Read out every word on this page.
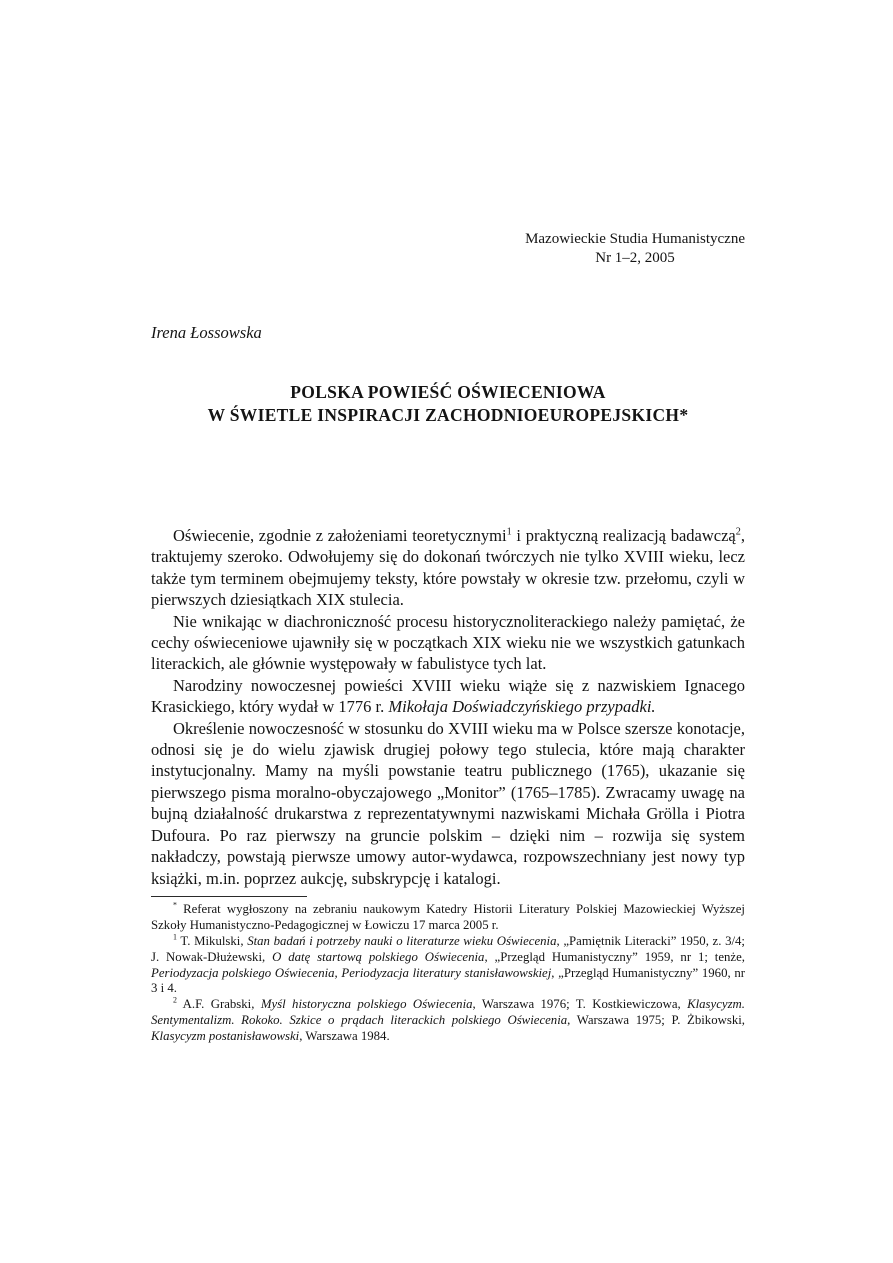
Mazowieckie Studia Humanistyczne
Nr 1–2, 2005
Irena Łossowska
POLSKA POWIEŚĆ OŚWIECENIOWA
W ŚWIETLE INSPIRACJI ZACHODNIOEUROPEJSKICH*

Oświecenie, zgodnie z założeniami teoretycznymi$^1$ i praktyczną realizacją badawczą$^2$, traktujemy szeroko. Odwołujemy się do dokonań twórczych nie tylko XVIII wieku, lecz także tym terminem obejmujemy teksty, które powstały w okresie tzw. przełomu, czyli w pierwszych dziesiątkach XIX stulecia.

Nie wnikając w diachroniczność procesu historycznoliterackiego należy pamiętać, że cechy oświeceniowe ujawniły się w początkach XIX wieku nie we wszystkich gatunkach literackich, ale głównie występowały w fabulistyce tych lat.

Narodziny nowoczesnej powieści XVIII wieku wiąże się z nazwiskiem Ignacego Krasickiego, który wydał w 1776 r. Mikołaja Doświadczyńskiego przypadki.

Określenie nowoczesność w stosunku do XVIII wieku ma w Polsce szersze konotacje, odnosi się je do wielu zjawisk drugiej połowy tego stulecia, które mają charakter instytucjonalny. Mamy na myśli powstanie teatru publicznego (1765), ukazanie się pierwszego pisma moralno-obyczajowego „Monitor” (1765–1785). Zwracamy uwagę na bujną działalność drukarstwa z reprezentatywnymi nazwiskami Michała Grölla i Piotra Dufoura. Po raz pierwszy na gruncie polskim – dzięki nim – rozwija się system nakładczy, powstają pierwsze umowy autor-wydawca, rozpowszechniany jest nowy typ książki, m.in. poprzez aukcję, subskrypcję i katalogi.

* Referat wygłoszony na zebraniu naukowym Katedry Historii Literatury Polskiej Mazowieckiej Wyższej Szkoły Humanistyczno-Pedagogicznej w Łowiczu 17 marca 2005 r.

$^1$ T. Mikulski, Stan badań i potrzeby nauki o literaturze wieku Oświecenia, „Pamiętnik Literacki” 1950, z. 3/4; J. Nowak-Dłużewski, O datę startową polskiego Oświecenia, „Przegląd Humanistyczny” 1959, nr 1; tenże, Periodyzacja polskiego Oświecenia, Periodyzacja literatury stanisławowskiej, „Przegląd Humanistyczny” 1960, nr 3 i 4.

$^2$ A.F. Grabski, Myśl historyczna polskiego Oświecenia, Warszawa 1976; T. Kostkiewiczowa, Klasycyzm. Sentymentalizm. Rokoko. Szkice o prądach literackich polskiego Oświecenia, Warszawa 1975; P. Żbikowski, Klasycyzm postanisławowski, Warszawa 1984.
